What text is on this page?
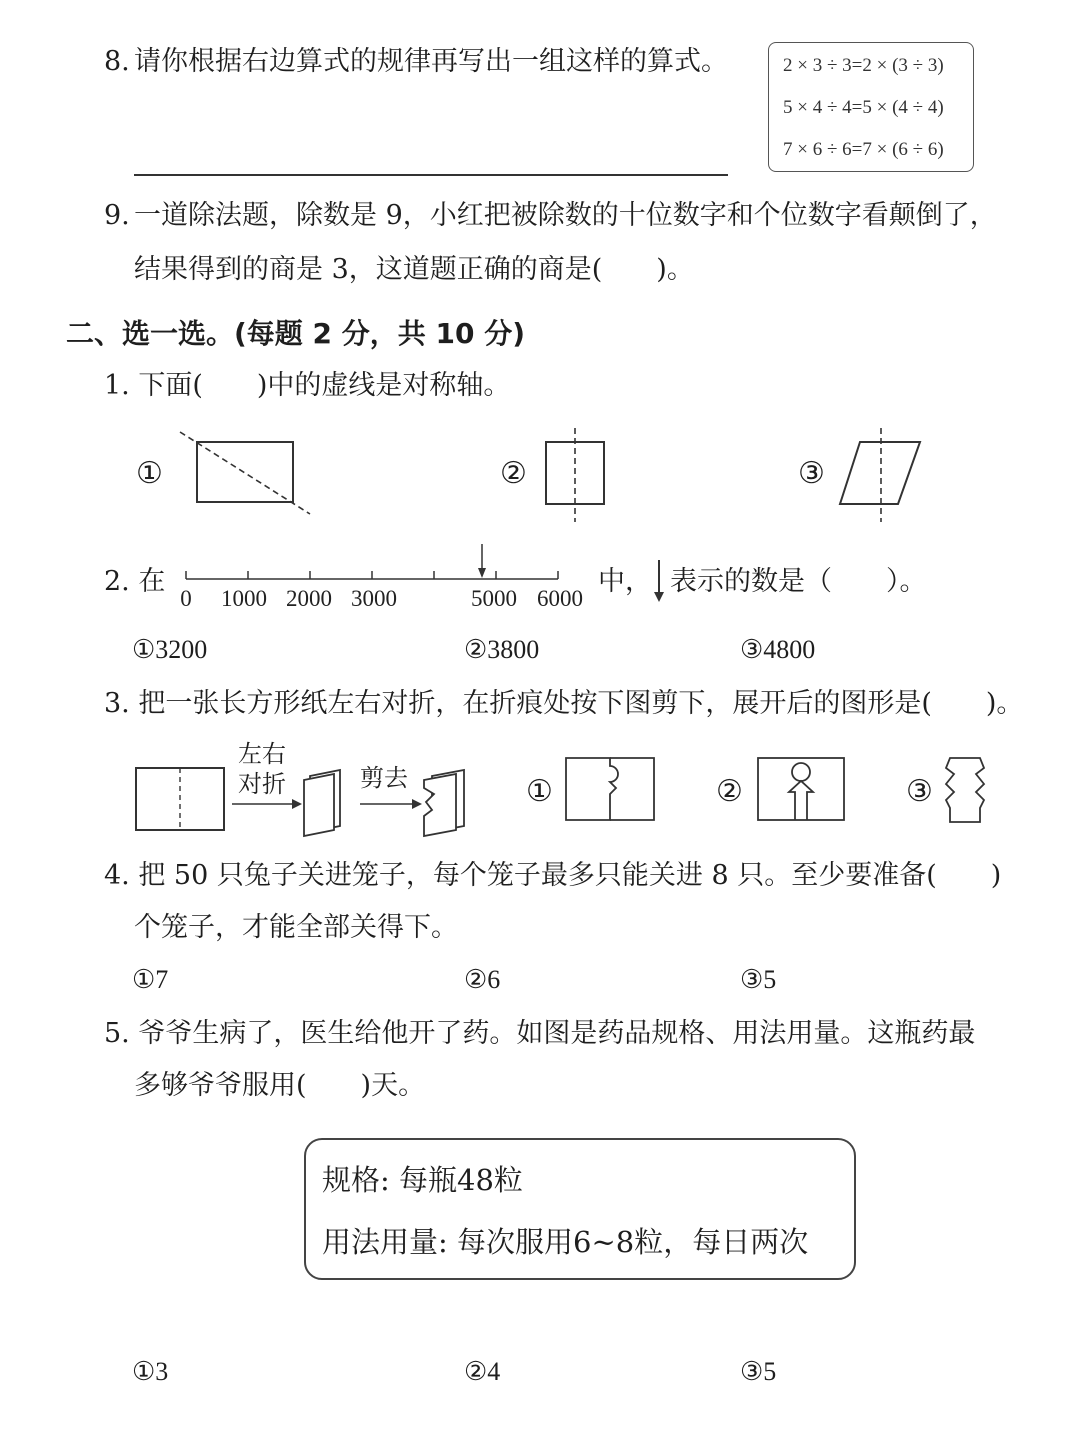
8. 请你根据右边算式的规律再写出一组这样的算式。	2 × 3 ÷ 3=2 × (3 ÷ 3)
5 × 4 ÷ 4=5 × (4 ÷ 4)
7 × 6 ÷ 6=7 × (6 ÷ 6)
9. 一道除法题，除数是 9，小红把被除数的十位数字和个位数字看颠倒了，
结果得到的商是 3，这道题正确的商是(　　)。
二、选一选。(每题 2 分，共 10 分)
1. 下面(　　)中的虚线是对称轴。
①	②	③
2. 在
0 1000 2000 3000	5000 6000
中， 表示的数是（　　）。
①3200	②3800	③4800
3. 把一张长方形纸左右对折，在折痕处按下图剪下，展开后的图形是(　　)。
左右
对折	剪去	①	②	③
4. 把 50 只兔子关进笼子，每个笼子最多只能关进 8 只。至少要准备(　　)
个笼子，才能全部关得下。
①7	②6	③5
5. 爷爷生病了，医生给他开了药。如图是药品规格、用法用量。这瓶药最
多够爷爷服用(　　)天。
规格: 每瓶48粒
用法用量: 每次服用6~8粒，每日两次
①3	②4	③5
